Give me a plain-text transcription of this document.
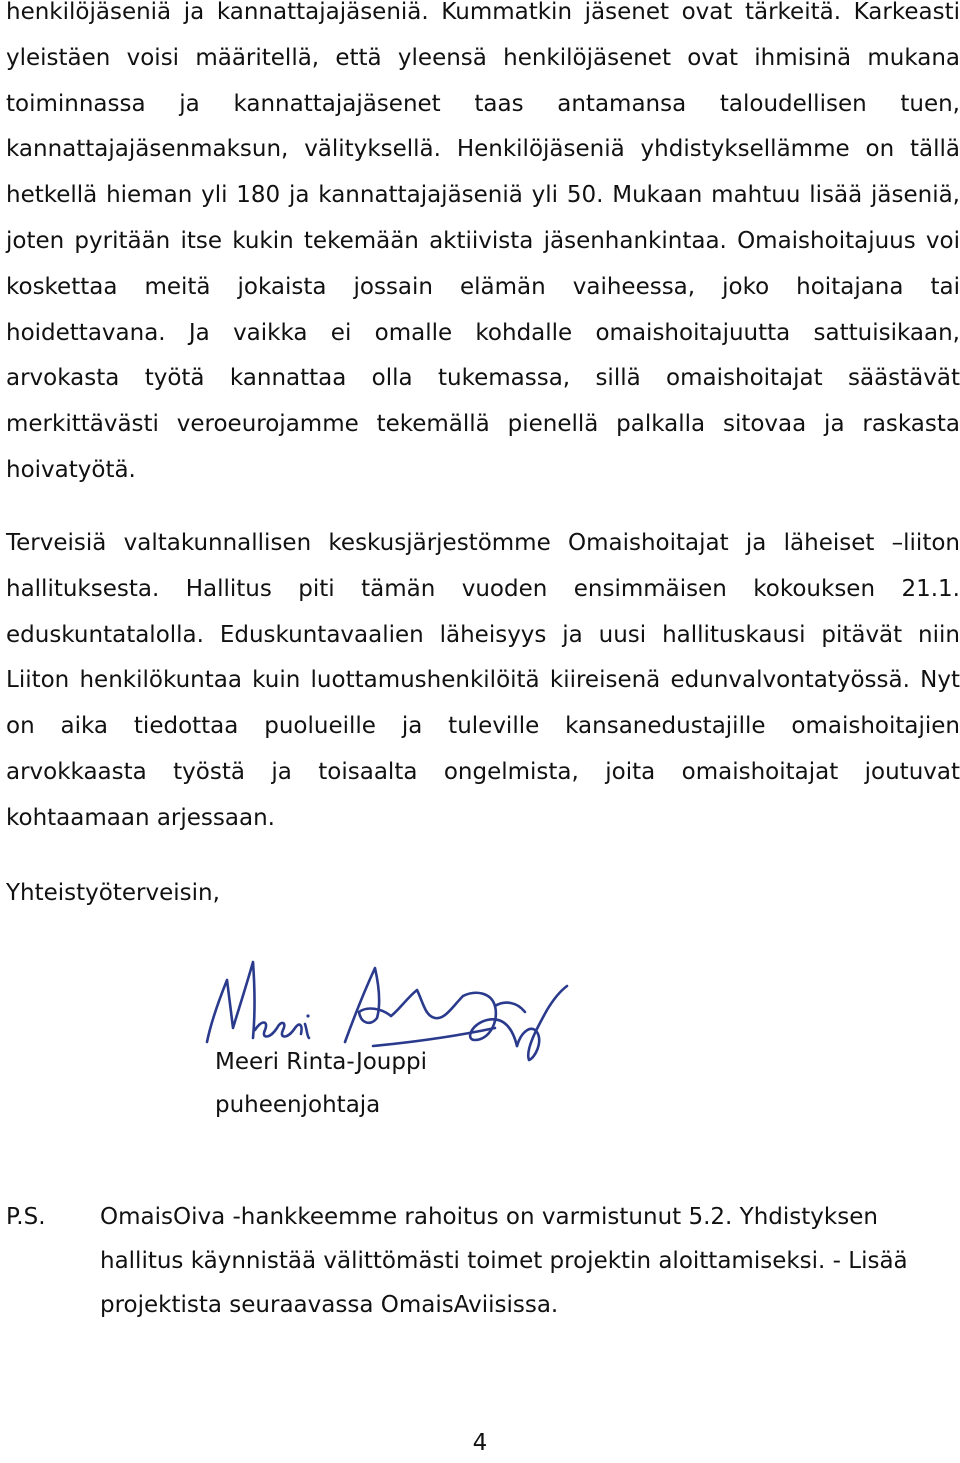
henkilöjäseniä ja kannattajajäseniä. Kummatkin jäsenet ovat tärkeitä. Karkeasti yleistäen voisi määritellä, että yleensä henkilöjäsenet ovat ihmisinä mukana toiminnassa ja kannattajajäsenet taas antamansa taloudellisen tuen, kannattajajäsenmaksun, välityksellä. Henkilöjäseniä yhdistyksellämme on tällä hetkellä hieman yli 180 ja kannattajajäseniä yli 50. Mukaan mahtuu lisää jäseniä, joten pyritään itse kukin tekemään aktiivista jäsenhankintaa. Omaishoitajuus voi koskettaa meitä jokaista jossain elämän vaiheessa, joko hoitajana tai hoidettavana. Ja vaikka ei omalle kohdalle omaishoitajuutta sattuisikaan, arvokasta työtä kannattaa olla tukemassa, sillä omaishoitajat säästävät merkittävästi veroeurojamme tekemällä pienellä palkalla sitovaa ja raskasta hoivatyötä.

Terveisiä valtakunnallisen keskusjärjestömme Omaishoitajat ja läheiset –liiton hallituksesta. Hallitus piti tämän vuoden ensimmäisen kokouksen 21.1. eduskuntatalolla. Eduskuntavaalien läheisyys ja uusi hallituskausi pitävät niin Liiton henkilökuntaa kuin luottamushenkilöitä kiireisenä edunvalvontatyössä. Nyt on aika tiedottaa puolueille ja tuleville kansanedustajille omaishoitajien arvokkaasta työstä ja toisaalta ongelmista, joita omaishoitajat joutuvat kohtaamaan arjessaan.

Yhteistyöterveisin,

Meeri Rinta-Jouppi

puheenjohtaja

P.S. OmaisOiva -hankkeemme rahoitus on varmistunut 5.2. Yhdistyksen hallitus käynnistää välittömästi toimet projektin aloittamiseksi. - Lisää projektista seuraavassa OmaisAviisissa.

4
